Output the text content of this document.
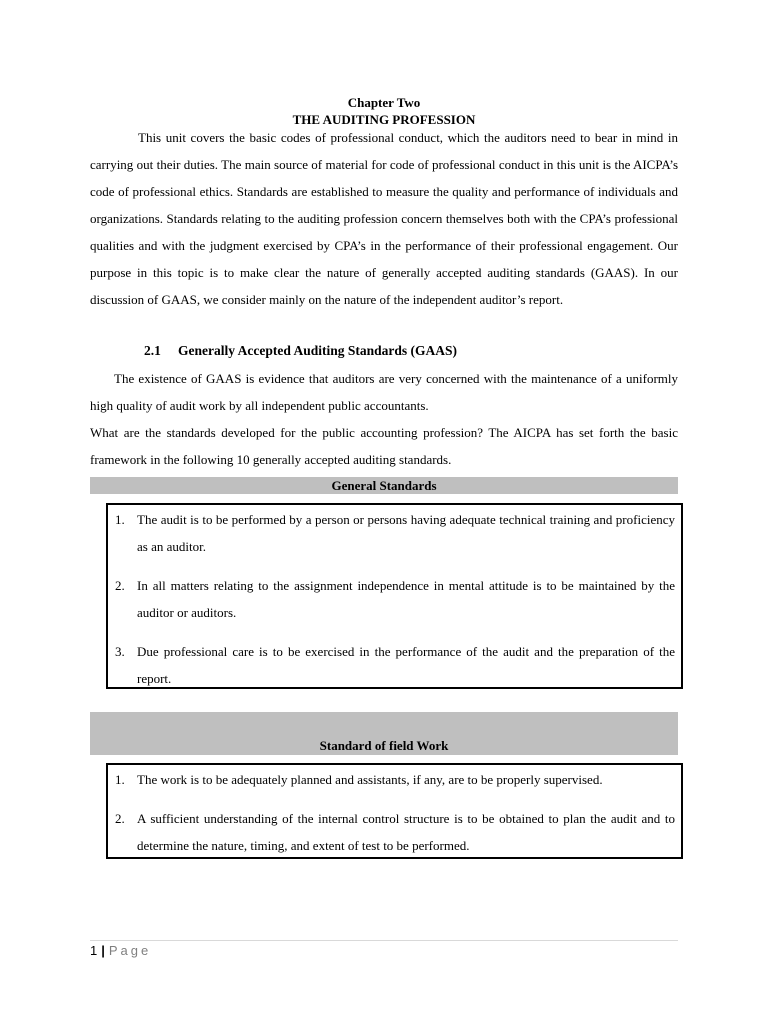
Chapter Two
THE AUDITING PROFESSION

This unit covers the basic codes of professional conduct, which the auditors need to bear in mind in carrying out their duties. The main source of material for code of professional conduct in this unit is the AICPA’s code of professional ethics. Standards are established to measure the quality and performance of individuals and organizations. Standards relating to the auditing profession concern themselves both with the CPA’s professional qualities and with the judgment exercised by CPA’s in the performance of their professional engagement. Our purpose in this topic is to make clear the nature of generally accepted auditing standards (GAAS). In our discussion of GAAS, we consider mainly on the nature of the independent auditor’s report.

2.1 Generally Accepted Auditing Standards (GAAS)

The existence of GAAS is evidence that auditors are very concerned with the maintenance of a uniformly high quality of audit work by all independent public accountants.

What are the standards developed for the public accounting profession? The AICPA has set forth the basic framework in the following 10 generally accepted auditing standards.

General Standards
1. The audit is to be performed by a person or persons having adequate technical training and proficiency as an auditor.
2. In all matters relating to the assignment independence in mental attitude is to be maintained by the auditor or auditors.
3. Due professional care is to be exercised in the performance of the audit and the preparation of the report.
Standard of field Work
1. The work is to be adequately planned and assistants, if any, are to be properly supervised.
2. A sufficient understanding of the internal control structure is to be obtained to plan the audit and to determine the nature, timing, and extent of test to be performed.
1 | Page
